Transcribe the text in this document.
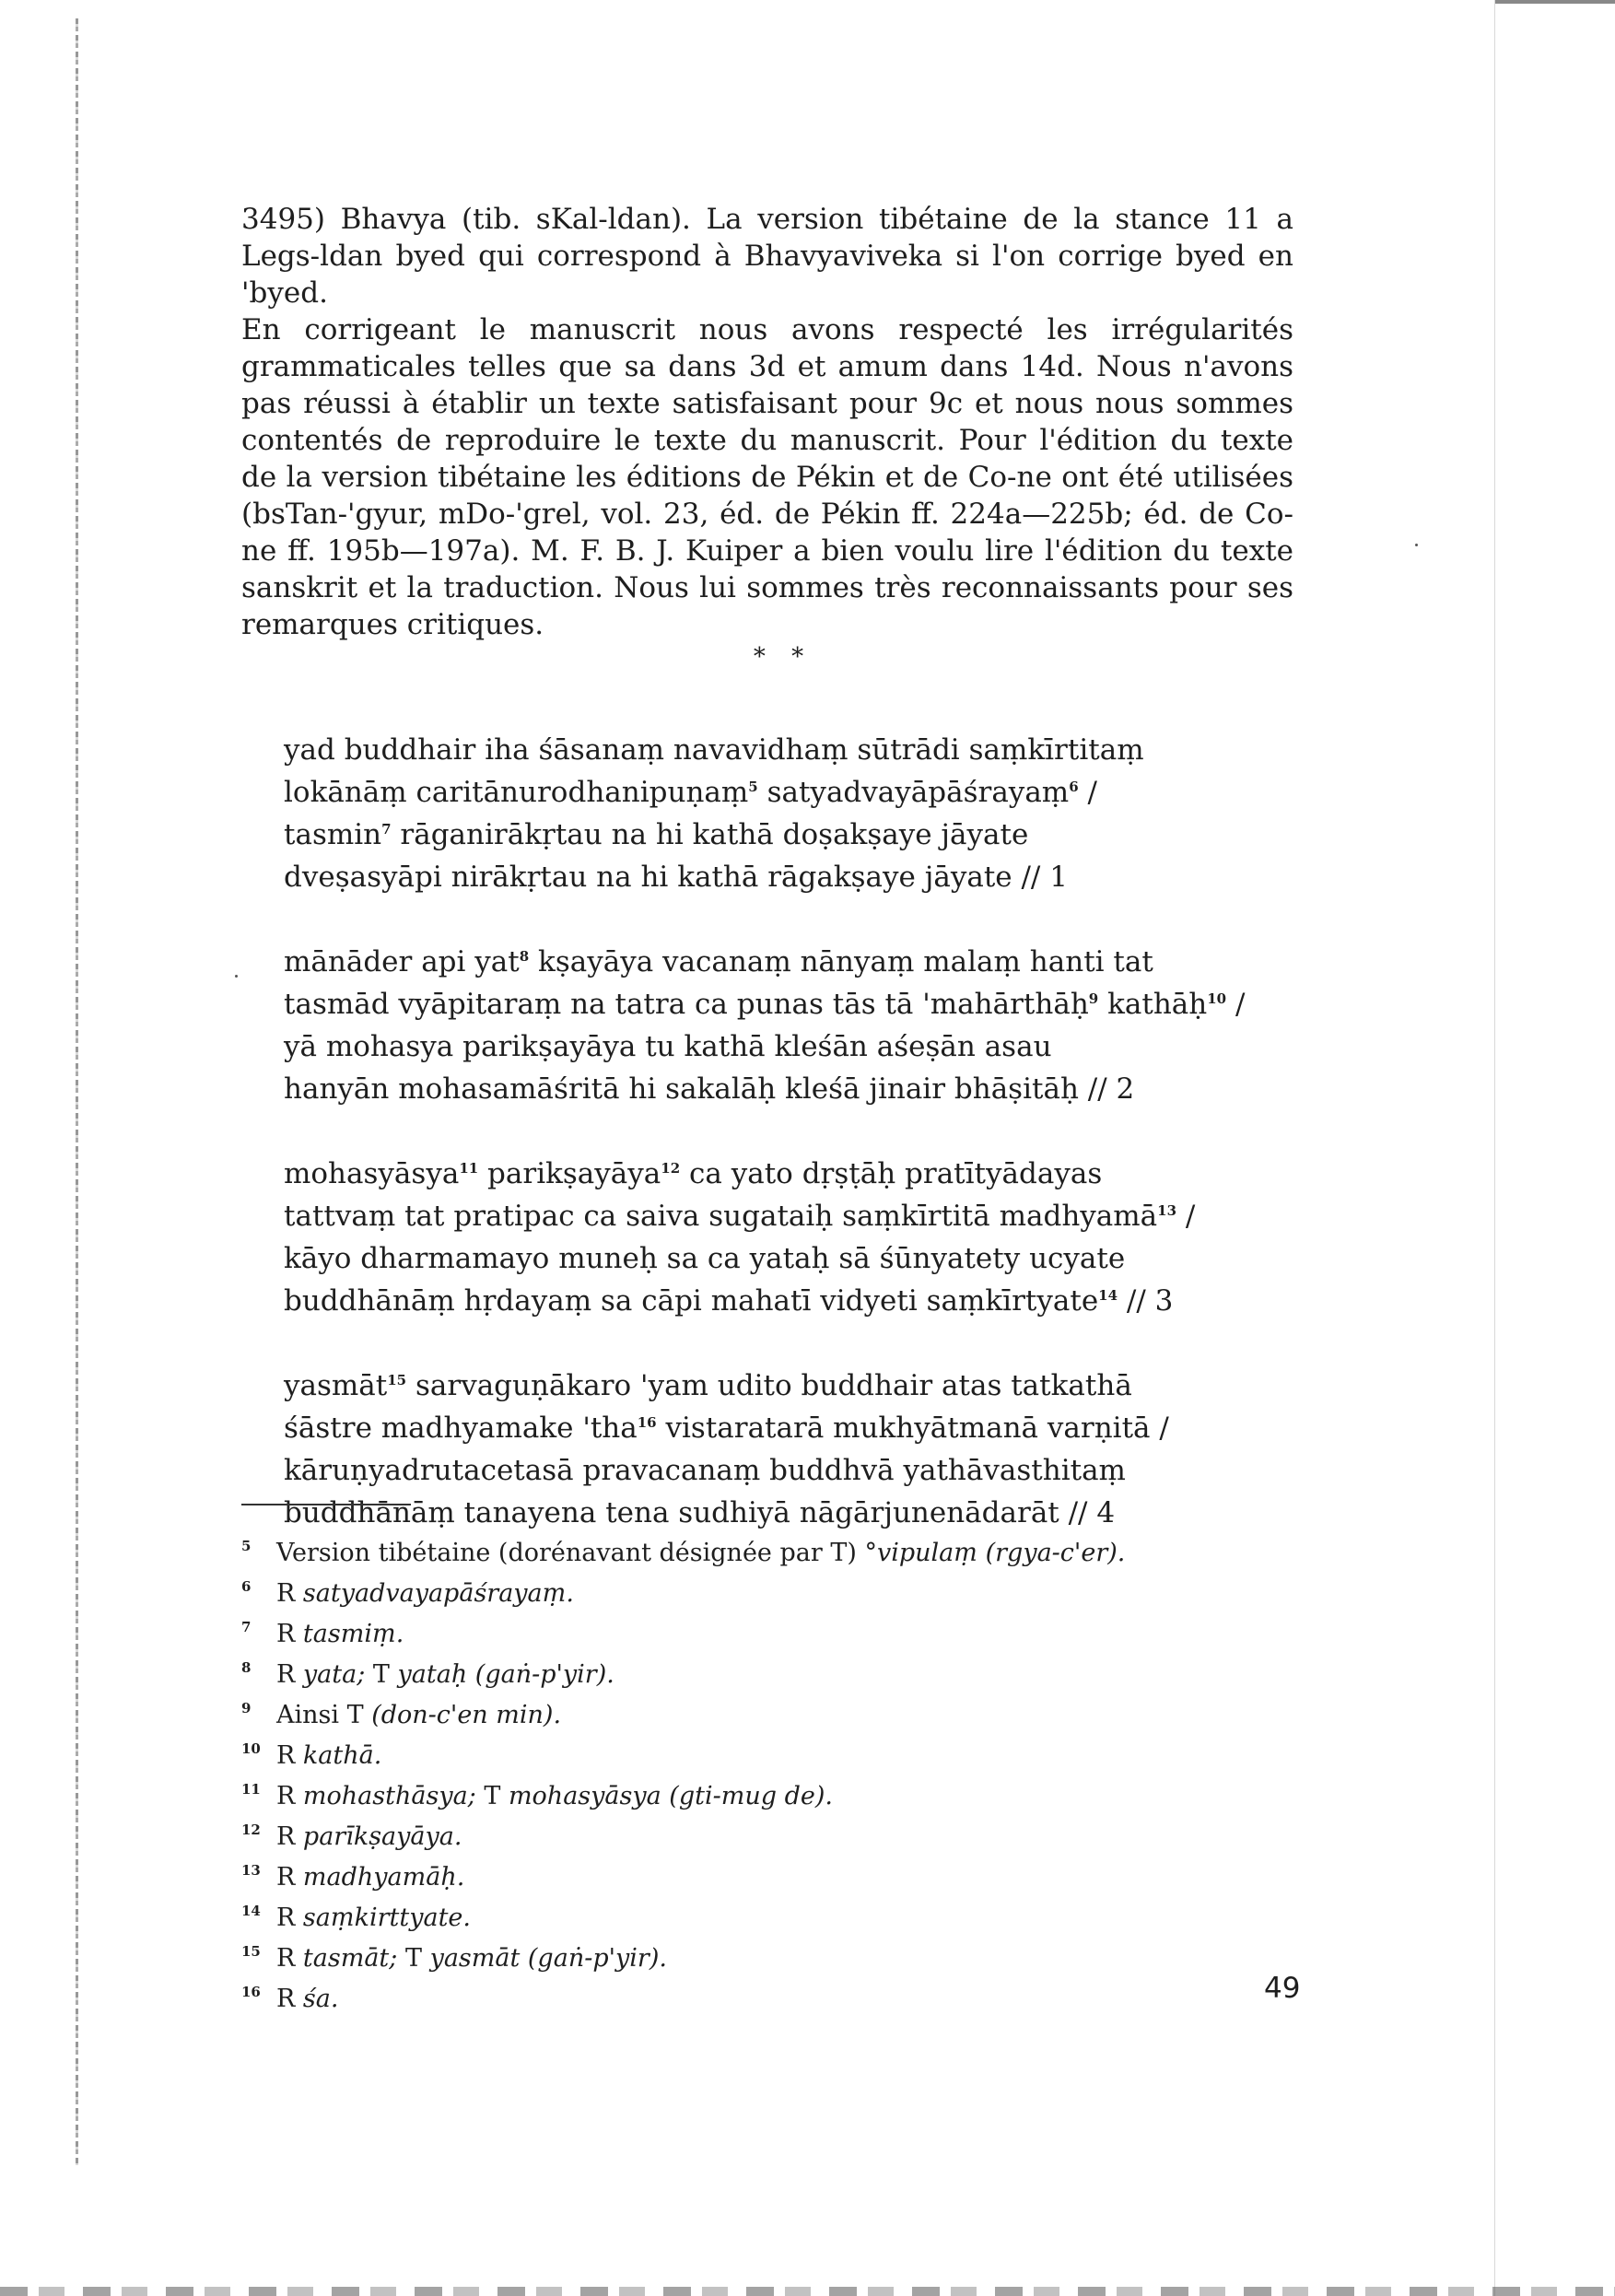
3495) Bhavya (tib. sKal-ldan). La version tibétaine de la stance 11 a Legs-ldan byed qui correspond à Bhavyaviveka si l'on corrige byed en 'byed.

En corrigeant le manuscrit nous avons respecté les irrégularités grammaticales telles que sa dans 3d et amum dans 14d. Nous n'avons pas réussi à établir un texte satisfaisant pour 9c et nous nous sommes contentés de reproduire le texte du manuscrit. Pour l'édition du texte de la version tibétaine les éditions de Pékin et de Co-ne ont été utilisées (bsTan-'gyur, mDo-'grel, vol. 23, éd. de Pékin ff. 224a—225b; éd. de Co-ne ff. 195b—197a). M. F. B. J. Kuiper a bien voulu lire l'édition du texte sanskrit et la traduction. Nous lui sommes très reconnaissants pour ses remarques critiques.

* *
yad buddhair iha śāsanaṃ navavidhaṃ sūtrādi saṃkīrtitaṃ
lokānāṃ caritānurodhanipuṇaṃ$^5$ satyadvayāpāśrayaṃ$^6$ /
tasmin$^7$ rāganirākṛtau na hi kathā doṣakṣaye jāyate
dveṣasyāpi nirākṛtau na hi kathā rāgakṣaye jāyate // 1
mānāder api yat$^8$ kṣayāya vacanaṃ nānyaṃ malaṃ hanti tat
tasmād vyāpitaraṃ na tatra ca punas tās tā 'mahārthāḥ$^9$ kathāḥ$^{10}$ /
yā mohasya parikṣayāya tu kathā kleśān aśeṣān asau
hanyān mohasamāśritā hi sakalāḥ kleśā jinair bhāṣitāḥ // 2
mohasyāsya$^{11}$ parikṣayāya$^{12}$ ca yato dṛṣṭāḥ pratītyādayas
tattvaṃ tat pratipac ca saiva sugataiḥ saṃkīrtitā madhyamā$^{13}$ /
kāyo dharmamayo muneḥ sa ca yataḥ sā śūnyatety ucyate
buddhānāṃ hṛdayaṃ sa cāpi mahatī vidyeti saṃkīrtyate$^{14}$ // 3
yasmāt$^{15}$ sarvaguṇākaro 'yam udito buddhair atas tatkathā
śāstre madhyamake 'tha$^{16}$ vistaratarā mukhyātmanā varṇitā /
kāruṇyadrutacetasā pravacanaṃ buddhvā yathāvasthitaṃ
buddhānāṃ tanayena tena sudhiyā nāgārjunenādarāt // 4
$^5$ Version tibétaine (dorénavant désignée par T) °vipulaṃ (rgya-c'er).
$^6$ R satyadvayapāśrayaṃ.
$^7$ R tasmiṃ.
$^8$ R yata; T yataḥ (gaṅ-p'yir).
$^9$ Ainsi T (don-c'en min).
$^{10}$ R kathā.
$^{11}$ R mohasthāsya; T mohasyāsya (gti-mug de).
$^{12}$ R parīkṣayāya.
$^{13}$ R madhyamāḥ.
$^{14}$ R saṃkirttyate.
$^{15}$ R tasmāt; T yasmāt (gaṅ-p'yir).
$^{16}$ R śa.	49
